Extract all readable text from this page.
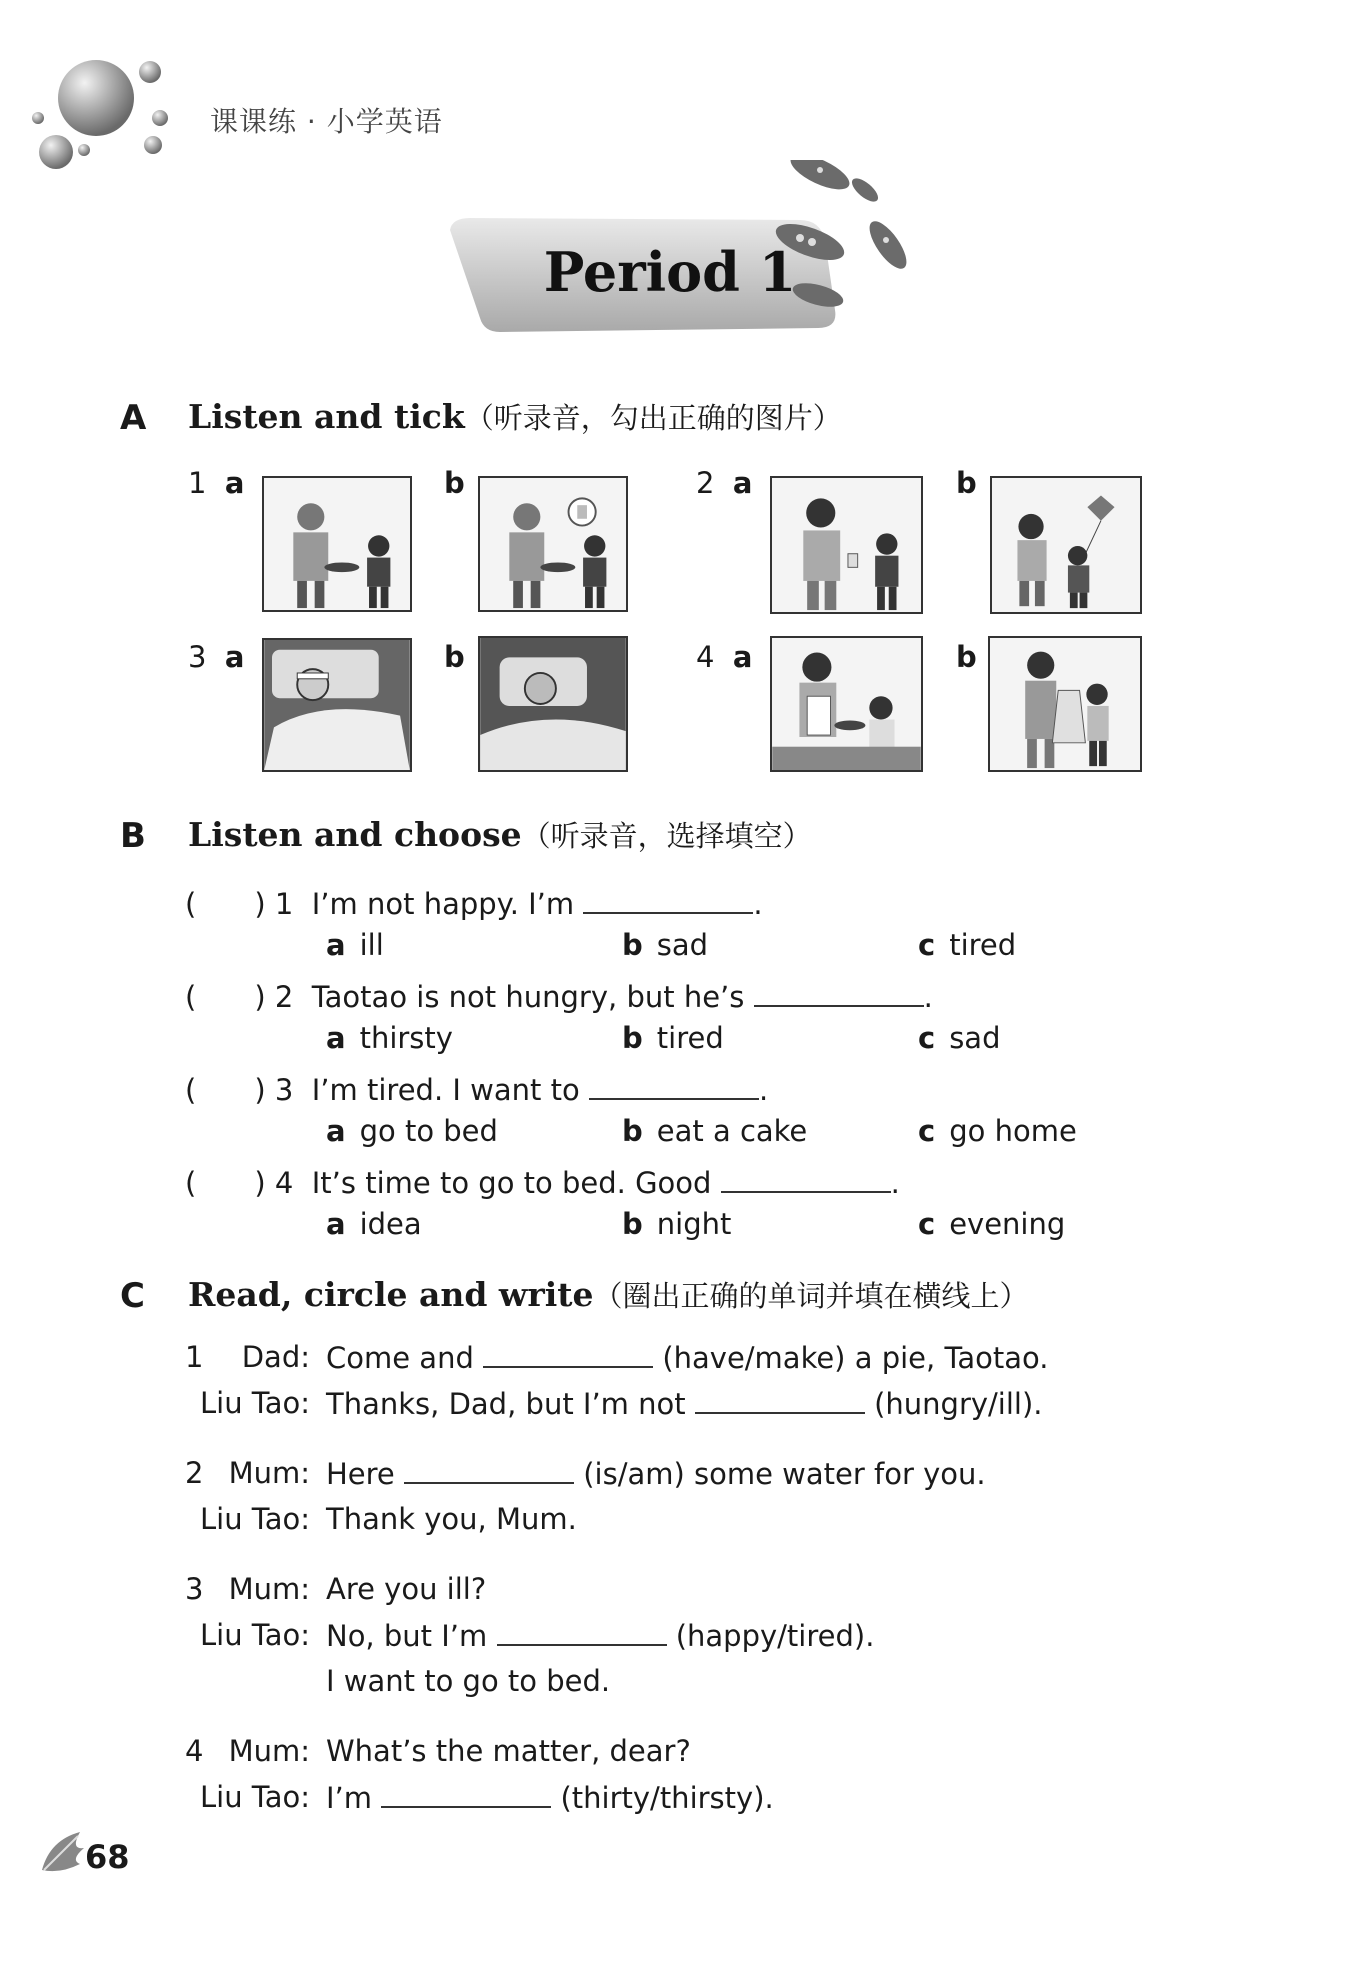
课课练 · 小学英语
Period 1
A Listen and tick（听录音，勾出正确的图片）
1 a	b	2 a	b
3 a	b	4 a	b
B Listen and choose（听录音，选择填空）
(　　) 1 I’m not happy. I’m	.
a ill	b sad	c tired
(　　) 2 Taotao is not hungry, but he’s	.
a thirsty	b tired	c sad
(　　) 3 I’m tired. I want to	.
a go to bed	b eat a cake	c go home
(　　) 4 It’s time to go to bed. Good	.
a idea	b night	c evening
C Read, circle and write（圈出正确的单词并填在横线上）
1	Dad: Come and	(have/make) a pie, Taotao.
Liu Tao: Thanks, Dad, but I’m not	(hungry/ill).
2 Mum: Here	(is/am) some water for you.
Liu Tao: Thank you, Mum.
3 Mum: Are you ill?
Liu Tao: No, but I’m	(happy/tired).
I want to go to bed.
4 Mum: What’s the matter, dear?
Liu Tao: I’m	(thirty/thirsty).
68
